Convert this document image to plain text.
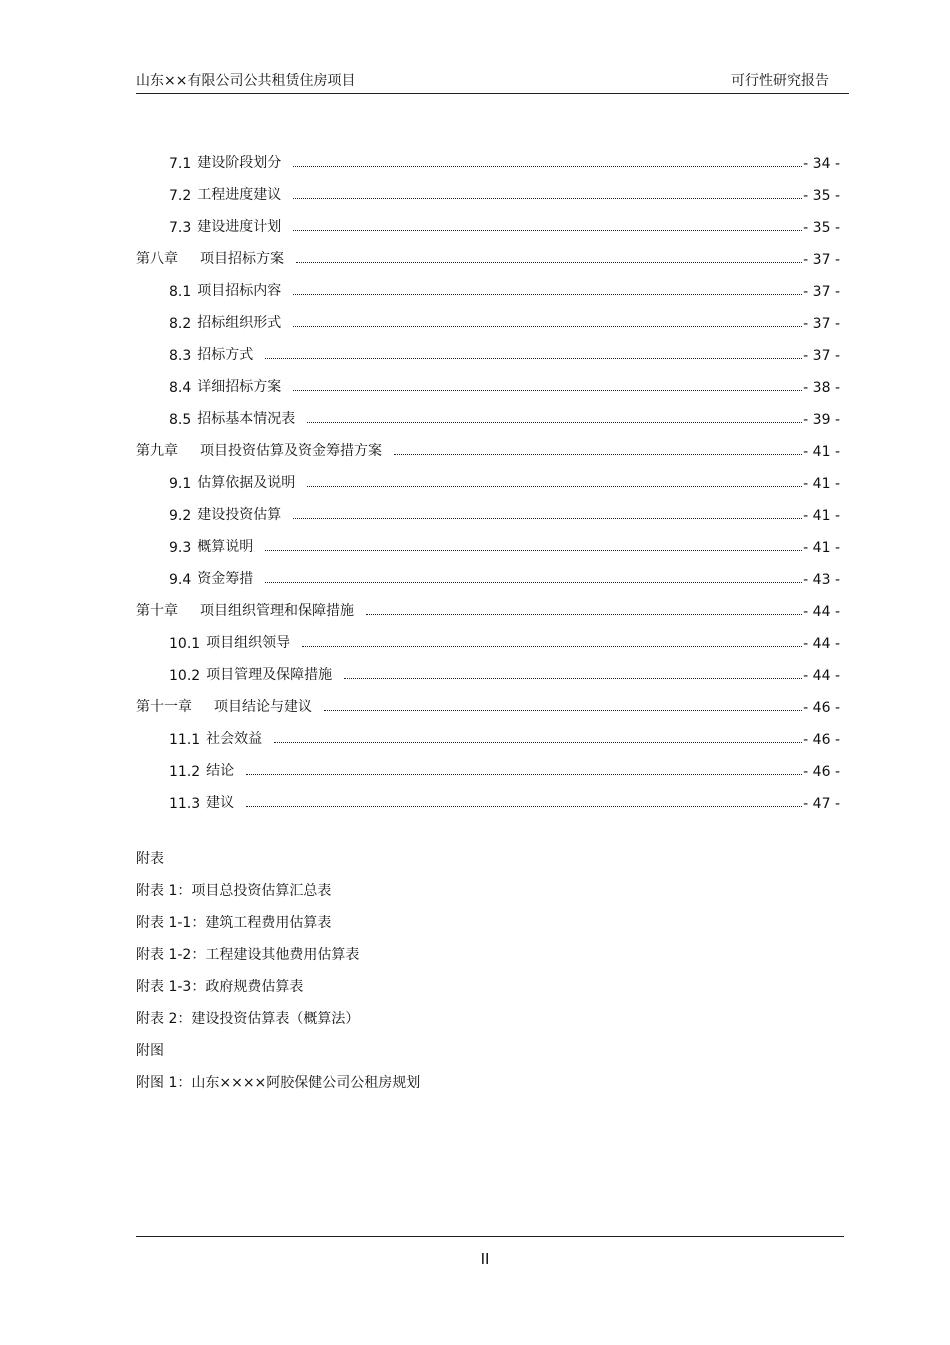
山东××有限公司公共租赁住房项目	可行性研究报告
7.1 建设阶段划分	- 34 -
7.2 工程进度建议	- 35 -
7.3 建设进度计划	- 35 -
第八章 项目招标方案	- 37 -
8.1 项目招标内容	- 37 -
8.2 招标组织形式	- 37 -
8.3 招标方式	- 37 -
8.4 详细招标方案	- 38 -
8.5 招标基本情况表	- 39 -
第九章 项目投资估算及资金筹措方案	- 41 -
9.1 估算依据及说明	- 41 -
9.2 建设投资估算	- 41 -
9.3 概算说明	- 41 -
9.4 资金筹措	- 43 -
第十章 项目组织管理和保障措施	- 44 -
10.1 项目组织领导	- 44 -
10.2 项目管理及保障措施	- 44 -
第十一章 项目结论与建议	- 46 -
11.1 社会效益	- 46 -
11.2 结论	- 46 -
11.3 建议	- 47 -
附表
附表 1：项目总投资估算汇总表
附表 1-1：建筑工程费用估算表
附表 1-2：工程建设其他费用估算表
附表 1-3：政府规费估算表
附表 2：建设投资估算表（概算法）
附图
附图 1：山东××××阿胶保健公司公租房规划
II
